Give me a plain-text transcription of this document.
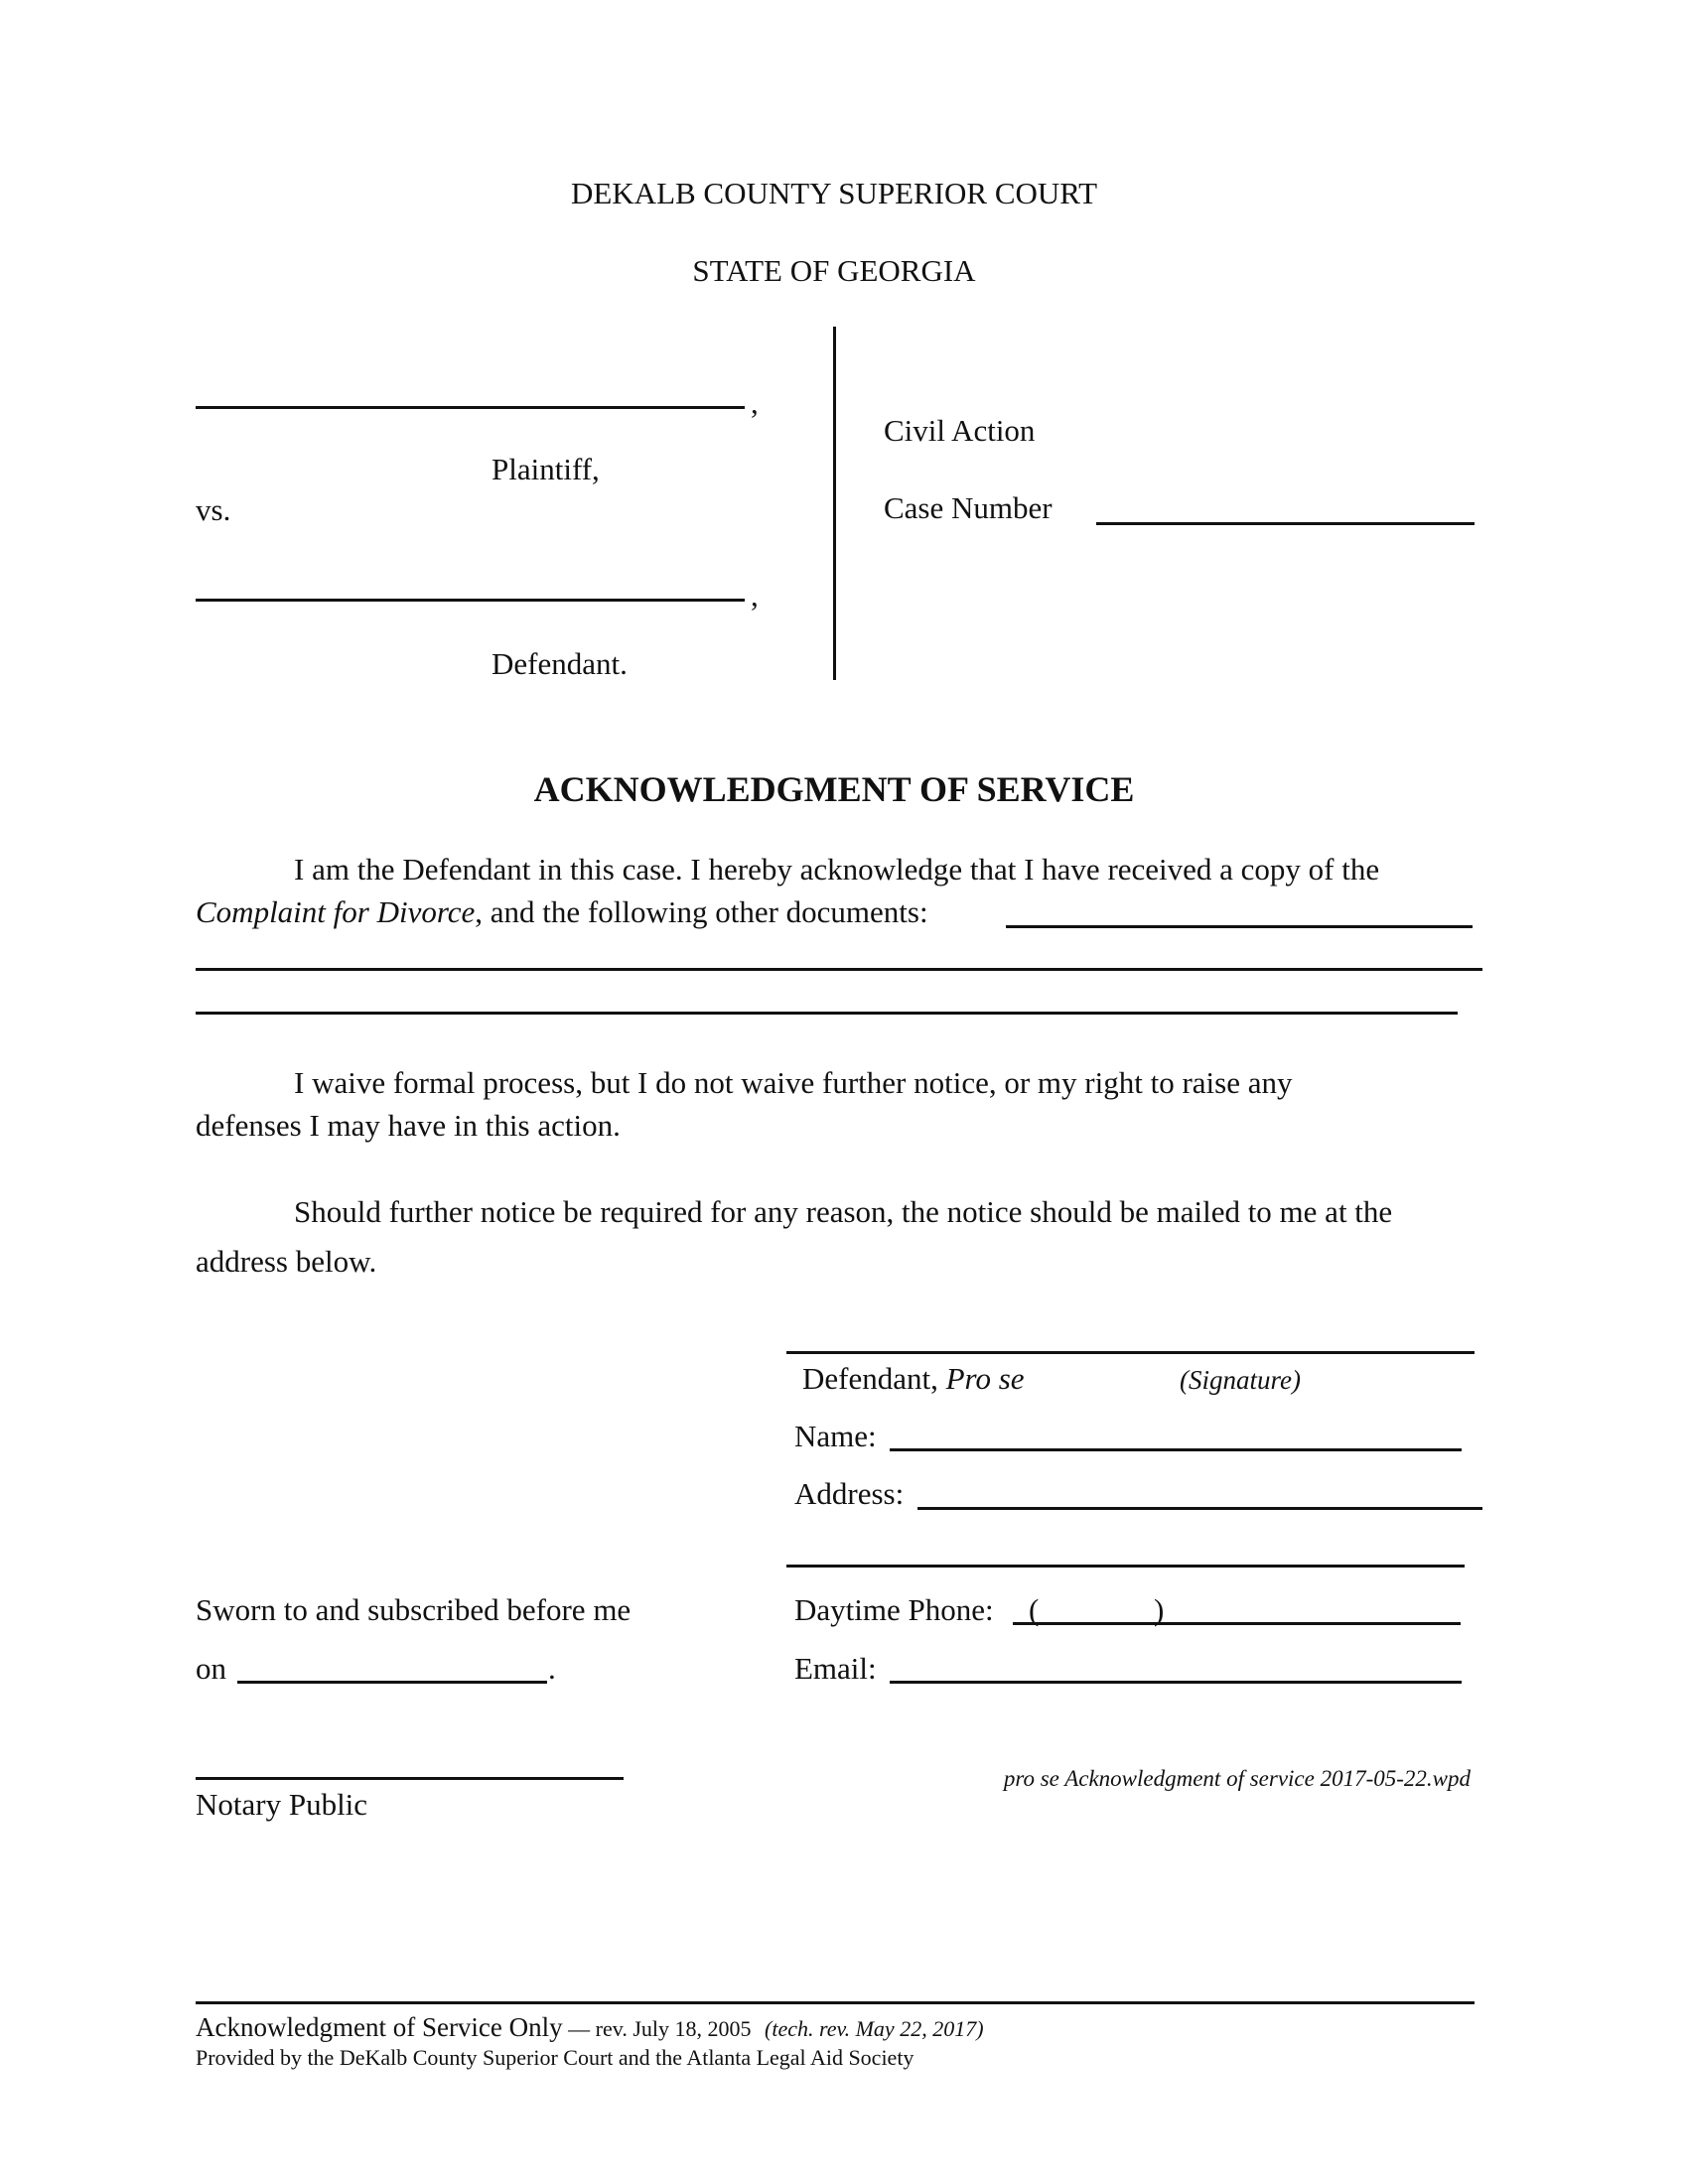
DEKALB COUNTY SUPERIOR COURT
STATE OF GEORGIA
,
Plaintiff,
vs.
,
Defendant.
Civil Action
Case Number
ACKNOWLEDGMENT OF SERVICE
I am the Defendant in this case. I hereby acknowledge that I have received a copy of the
Complaint for Divorce, and the following other documents:
I waive formal process, but I do not waive further notice, or my right to raise any
defenses I may have in this action.
Should further notice be required for any reason, the notice should be mailed to me at the
address below.
Defendant, Pro se	(Signature)
Name:
Address:
Daytime Phone: (	)
Email:
Sworn to and subscribed before me
on	.
Notary Public
pro se Acknowledgment of service 2017-05-22.wpd
Acknowledgment of Service Only — rev. July 18, 2005 (tech. rev. May 22, 2017)
Provided by the DeKalb County Superior Court and the Atlanta Legal Aid Society
